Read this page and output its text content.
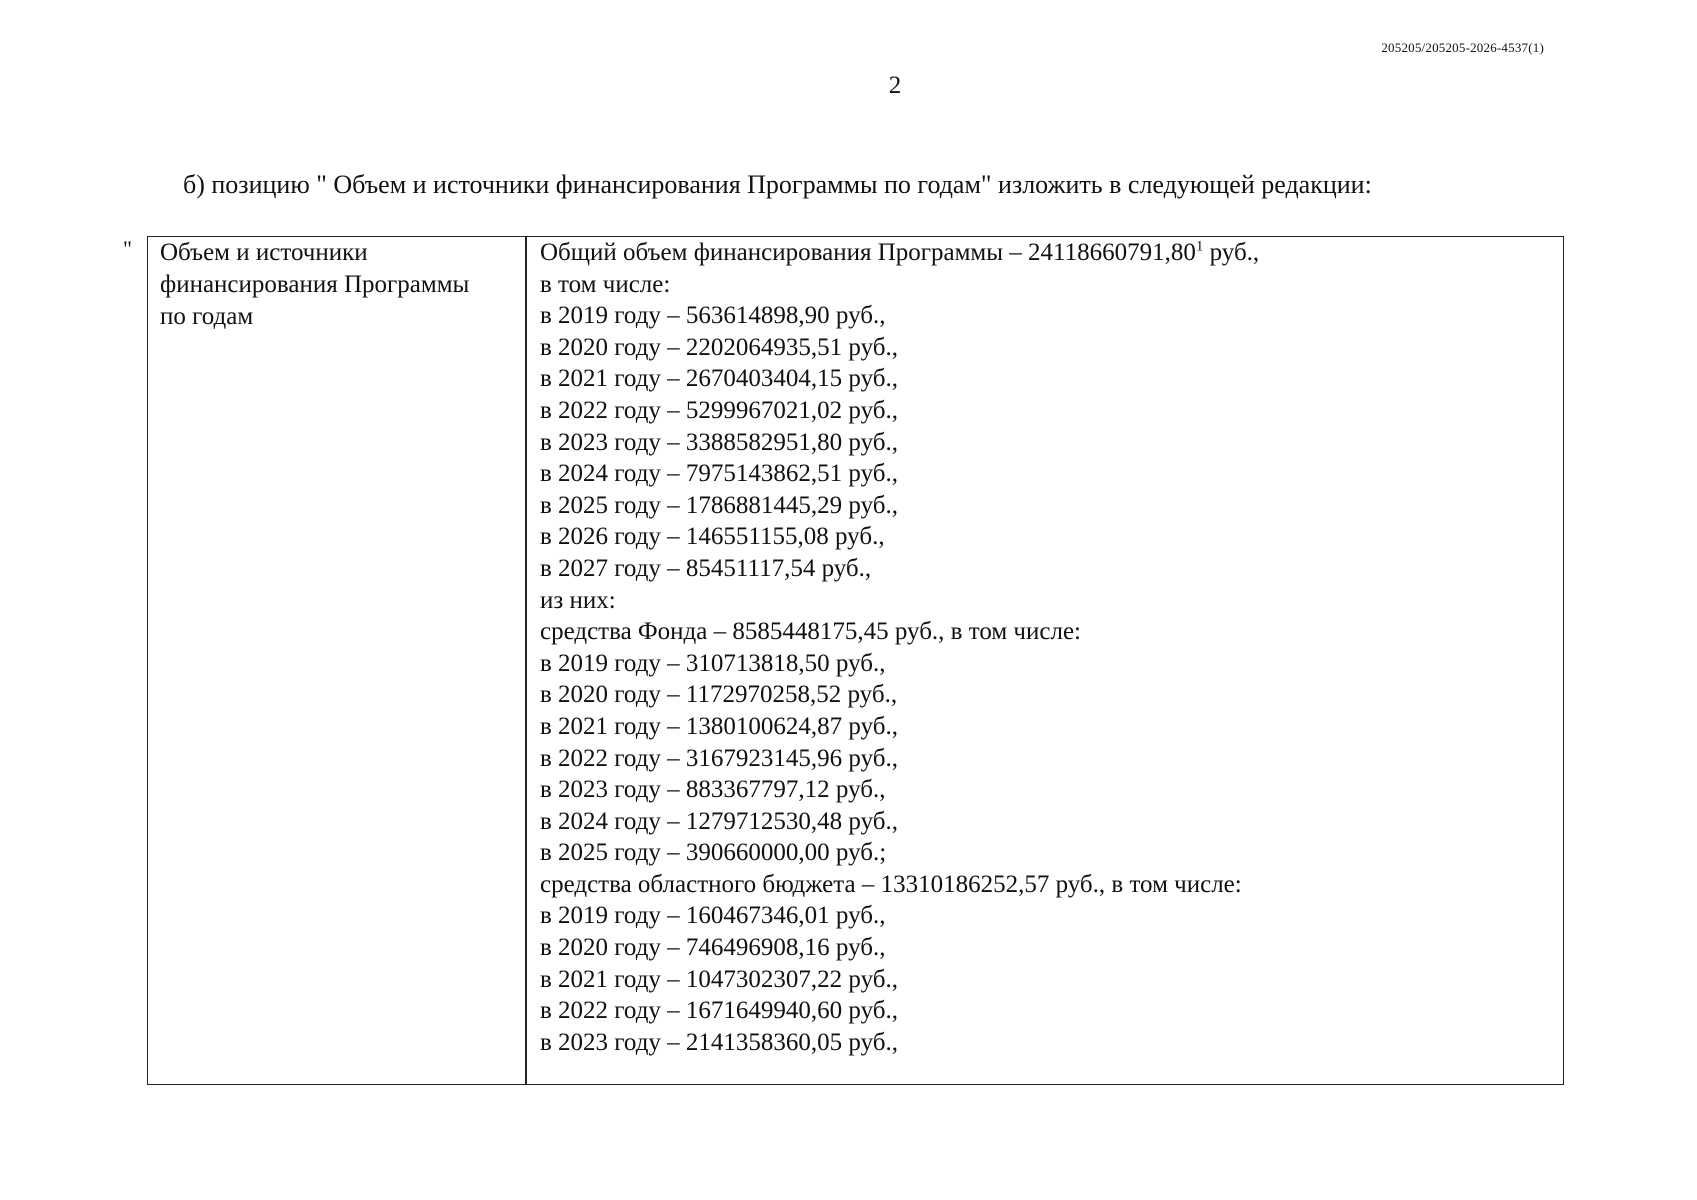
205205/205205-2026-4537(1)
2
б) позицию " Объем и источники финансирования Программы по годам" изложить в следующей редакции:
" Объем и источники
финансирования Программы
по годам
Общий объем финансирования Программы – 24118660791,80$^1$ руб.,
в том числе:
в 2019 году – 563614898,90 руб.,
в 2020 году – 2202064935,51 руб.,
в 2021 году – 2670403404,15 руб.,
в 2022 году – 5299967021,02 руб.,
в 2023 году – 3388582951,80 руб.,
в 2024 году – 7975143862,51 руб.,
в 2025 году – 1786881445,29 руб.,
в 2026 году – 146551155,08 руб.,
в 2027 году – 85451117,54 руб.,
из них:
средства Фонда – 8585448175,45 руб., в том числе:
в 2019 году – 310713818,50 руб.,
в 2020 году – 1172970258,52 руб.,
в 2021 году – 1380100624,87 руб.,
в 2022 году – 3167923145,96 руб.,
в 2023 году – 883367797,12 руб.,
в 2024 году – 1279712530,48 руб.,
в 2025 году – 390660000,00 руб.;
средства областного бюджета – 13310186252,57 руб., в том числе:
в 2019 году – 160467346,01 руб.,
в 2020 году – 746496908,16 руб.,
в 2021 году – 1047302307,22 руб.,
в 2022 году – 1671649940,60 руб.,
в 2023 году – 2141358360,05 руб.,
